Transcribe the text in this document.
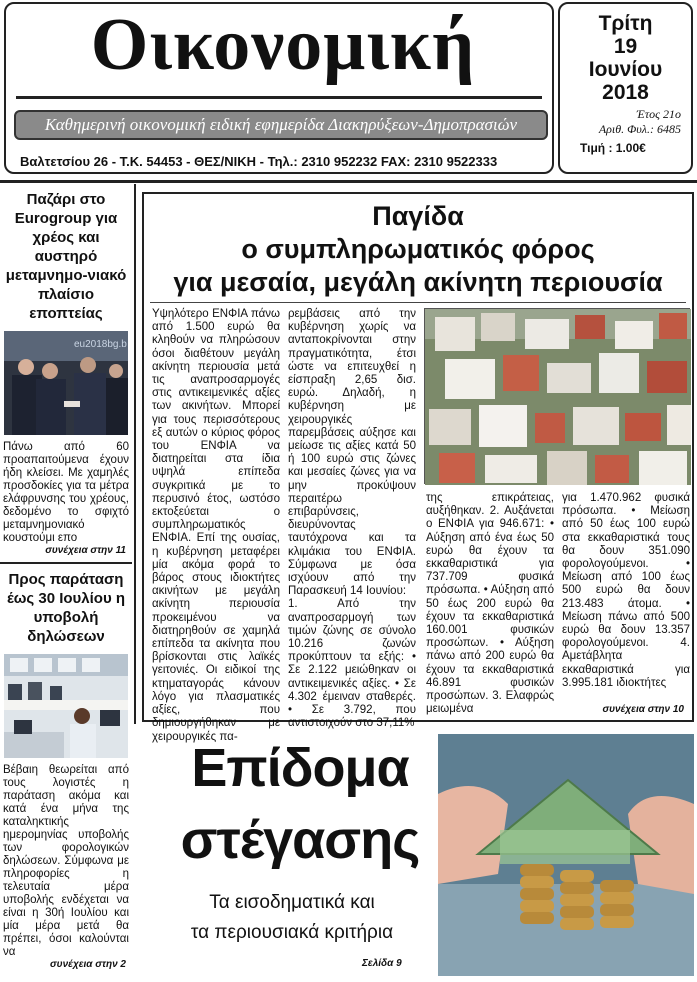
Οικονομική
Καθημερινή οικονομική ειδική εφημερίδα Διακηρύξεων-Δημοπρασιών
Βαλτετσίου 26 - Τ.Κ. 54453 - ΘΕΣ/ΝΙΚΗ - Τηλ.: 2310 952232 FAX: 2310 9522333
Τρίτη
19
Ιουνίου
2018
Έτος 21ο
Αριθ. Φυλ.: 6485
Τιμή : 1.00€
Παζάρι στο Eurogroup για χρέος και αυστηρό μεταμνημο-νιακό πλαίσιο εποπτείας
eu2018bg.b
Πάνω από 60 προαπαιτούμενα έχουν ήδη κλείσει. Με χαμηλές προσδοκίες για τα μέτρα ελάφρυνσης του χρέους, δεδομένο το σφιχτό μεταμνημονιακό κουστούμι επο
συνέχεια στην 11
Προς παράταση έως 30 Ιουλίου η υποβολή δηλώσεων
Βέβαιη θεωρείται από τους λογιστές η παράταση ακόμα και κατά ένα μήνα της καταληκτικής ημερομηνίας υποβολής των φορολογικών δηλώσεων. Σύμφωνα με πληροφορίες η τελευταία μέρα υποβολής ενδέχεται να είναι η 30ή Ιουλίου και μία μέρα μετά θα πρέπει, όσοι καλούνται να
συνέχεια στην 2
Παγίδα
ο συμπληρωματικός φόρος
για μεσαία, μεγάλη ακίνητη περιουσία

Υψηλότερο ΕΝΦΙΑ πάνω από 1.500 ευρώ θα κληθούν να πληρώσουν όσοι διαθέτουν μεγάλη ακίνητη περιουσία μετά τις αναπροσαρμογές στις αντικειμενικές αξίες των ακινήτων. Μπορεί για τους περισσότερους εξ αυτών ο κύριος φόρος του ΕΝΦΙΑ να διατηρείται στα ίδια υψηλά επίπεδα συγκριτικά με το περυσινό έτος, ωστόσο εκτοξεύεται ο συμπληρωματικός ΕΝΦΙΑ. Επί της ουσίας, η κυβέρνηση μεταφέρει μία ακόμα φορά το βάρος στους ιδιοκτήτες ακινήτων με μεγάλη ακίνητη περιουσία προκειμένου να διατηρηθούν σε χαμηλά επίπεδα τα ακίνητα που βρίσκονται στις λαϊκές γειτονιές. Οι ειδικοί της κτηματαγοράς κάνουν λόγο για πλασματικές αξίες, που δημιουργήθηκαν με χειρουργικές πα-

ρεμβάσεις από την κυβέρνηση χωρίς να ανταποκρίνονται στην πραγματικότητα, έτσι ώστε να επιτευχθεί η είσπραξη 2,65 δισ. ευρώ. Δηλαδή, η κυβέρνηση με χειρουργικές παρεμβάσεις αύξησε και μείωσε τις αξίες κατά 50 ή 100 ευρώ στις ζώνες και μεσαίες ζώνες για να μην προκύψουν περαιτέρω επιβαρύνσεις, διευρύνοντας ταυτόχρονα και τα κλιμάκια του ΕΝΦΙΑ. Σύμφωνα με όσα ισχύουν από την Παρασκευή 14 Ιουνίου:

1. Από την αναπροσαρμογή των τιμών ζώνης σε σύνολο 10.216 ζωνών προκύπτουν τα εξής: • Σε 2.122 μειώθηκαν οι αντικειμενικές αξίες. • Σε 4.302 έμειναν σταθερές. • Σε 3.792, που αντιστοιχούν στο 37,11%

της επικράτειας, αυξήθηκαν. 2. Αυξάνεται ο ΕΝΦΙΑ για 946.671: • Αύξηση από ένα έως 50 ευρώ θα έχουν τα εκκαθαριστικά για 737.709 φυσικά πρόσωπα. • Αύξηση από 50 έως 200 ευρώ θα έχουν τα εκκαθαριστικά 160.001 φυσικών προσώπων. • Αύξηση πάνω από 200 ευρώ θα έχουν τα εκκαθαριστικά 46.891 φυσικών προσώπων. 3. Ελαφρώς μειωμένα

για 1.470.962 φυσικά πρόσωπα. • Μείωση από 50 έως 100 ευρώ στα εκκαθαριστικά τους θα δουν 351.090 φορολογούμενοι. • Μείωση από 100 έως 500 ευρώ θα δουν 213.483 άτομα. • Μείωση πάνω από 500 ευρώ θα δουν 13.357 φορολογούμενοι. 4. Αμετάβλητα εκκαθαριστικά για 3.995.181 ιδιοκτήτες

συνέχεια στην 10
Επίδομα
στέγασης
Τα εισοδηματικά και
τα περιουσιακά κριτήρια
Σελίδα 9
